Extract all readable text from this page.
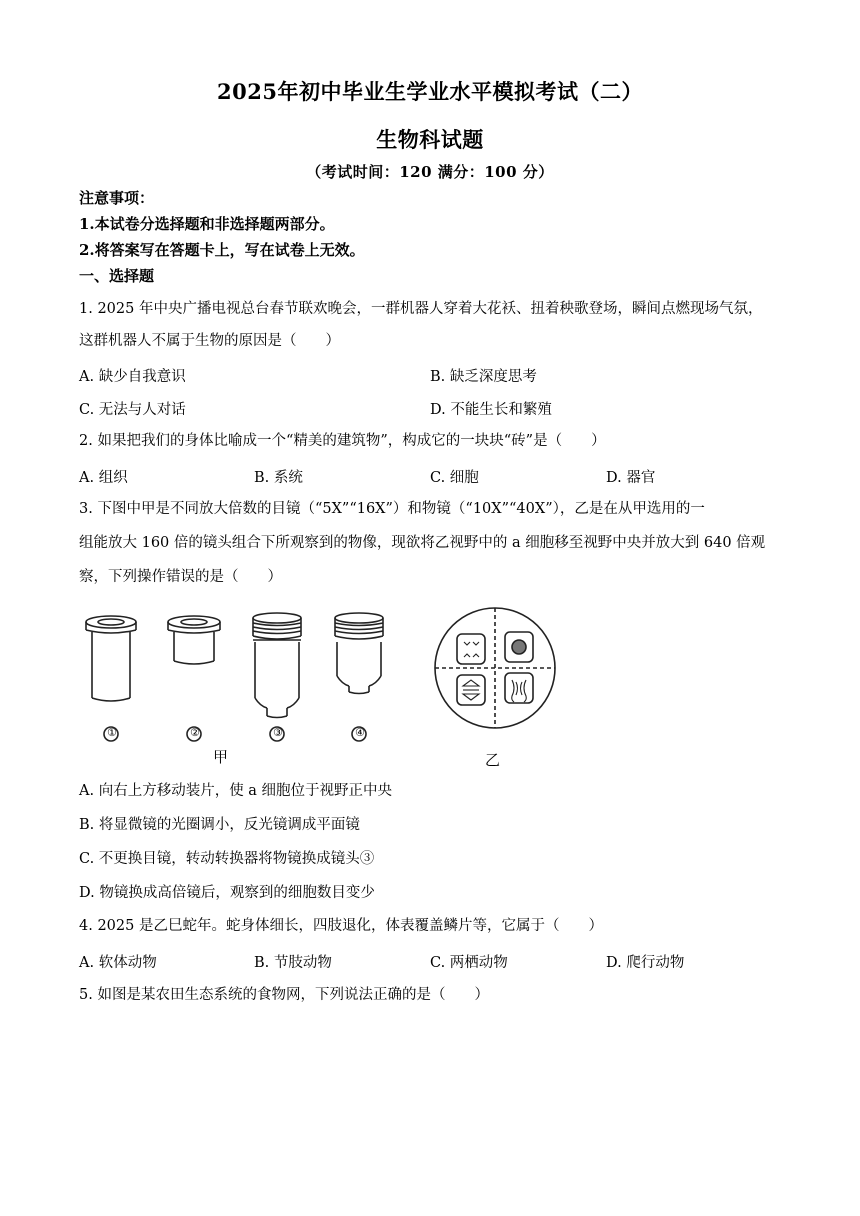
2025年初中毕业生学业水平模拟考试（二）
生物科试题
（考试时间：120 满分：100 分）
注意事项：
1.本试卷分选择题和非选择题两部分。
2.将答案写在答题卡上，写在试卷上无效。
一、选择题
1. 2025 年中央广播电视总台春节联欢晚会，一群机器人穿着大花袄、扭着秧歌登场，瞬间点燃现场气氛，
这群机器人不属于生物的原因是（　　）
A. 缺少自我意识	B. 缺乏深度思考
C. 无法与人对话	D. 不能生长和繁殖
2. 如果把我们的身体比喻成一个“精美的建筑物”，构成它的一块块“砖”是（　　）
A. 组织	B. 系统	C. 细胞	D. 器官
3. 下图中甲是不同放大倍数的目镜（“5X”“16X”）和物镜（“10X”“40X”），乙是在从甲选用的一
组能放大 160 倍的镜头组合下所观察到的物像，现欲将乙视野中的 a 细胞移至视野中央并放大到 640 倍观
察，下列操作错误的是（　　）
①	②	③	④
甲	乙
A. 向右上方移动装片，使 a 细胞位于视野正中央
B. 将显微镜的光圈调小，反光镜调成平面镜
C. 不更换目镜，转动转换器将物镜换成镜头③
D. 物镜换成高倍镜后，观察到的细胞数目变少
4. 2025 是乙巳蛇年。蛇身体细长，四肢退化，体表覆盖鳞片等，它属于（　　）
A. 软体动物	B. 节肢动物	C. 两栖动物	D. 爬行动物
5. 如图是某农田生态系统的食物网，下列说法正确的是（　　）
